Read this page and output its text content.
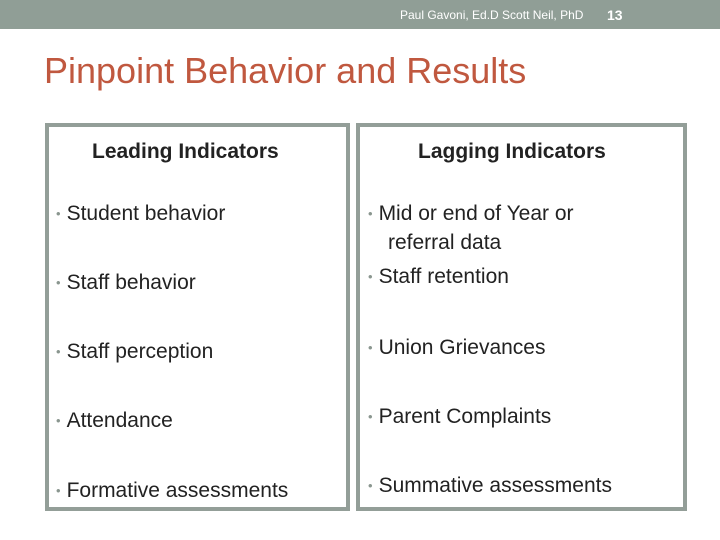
Paul Gavoni, Ed.D Scott Neil, PhD 13
Pinpoint Behavior and Results
Leading Indicators	Lagging Indicators
• Student behavior
• Staff behavior
• Staff perception
• Attendance
• Formative assessments
• Mid or end of Year or
referral data
• Staff retention
• Union Grievances
• Parent Complaints
• Summative assessments
